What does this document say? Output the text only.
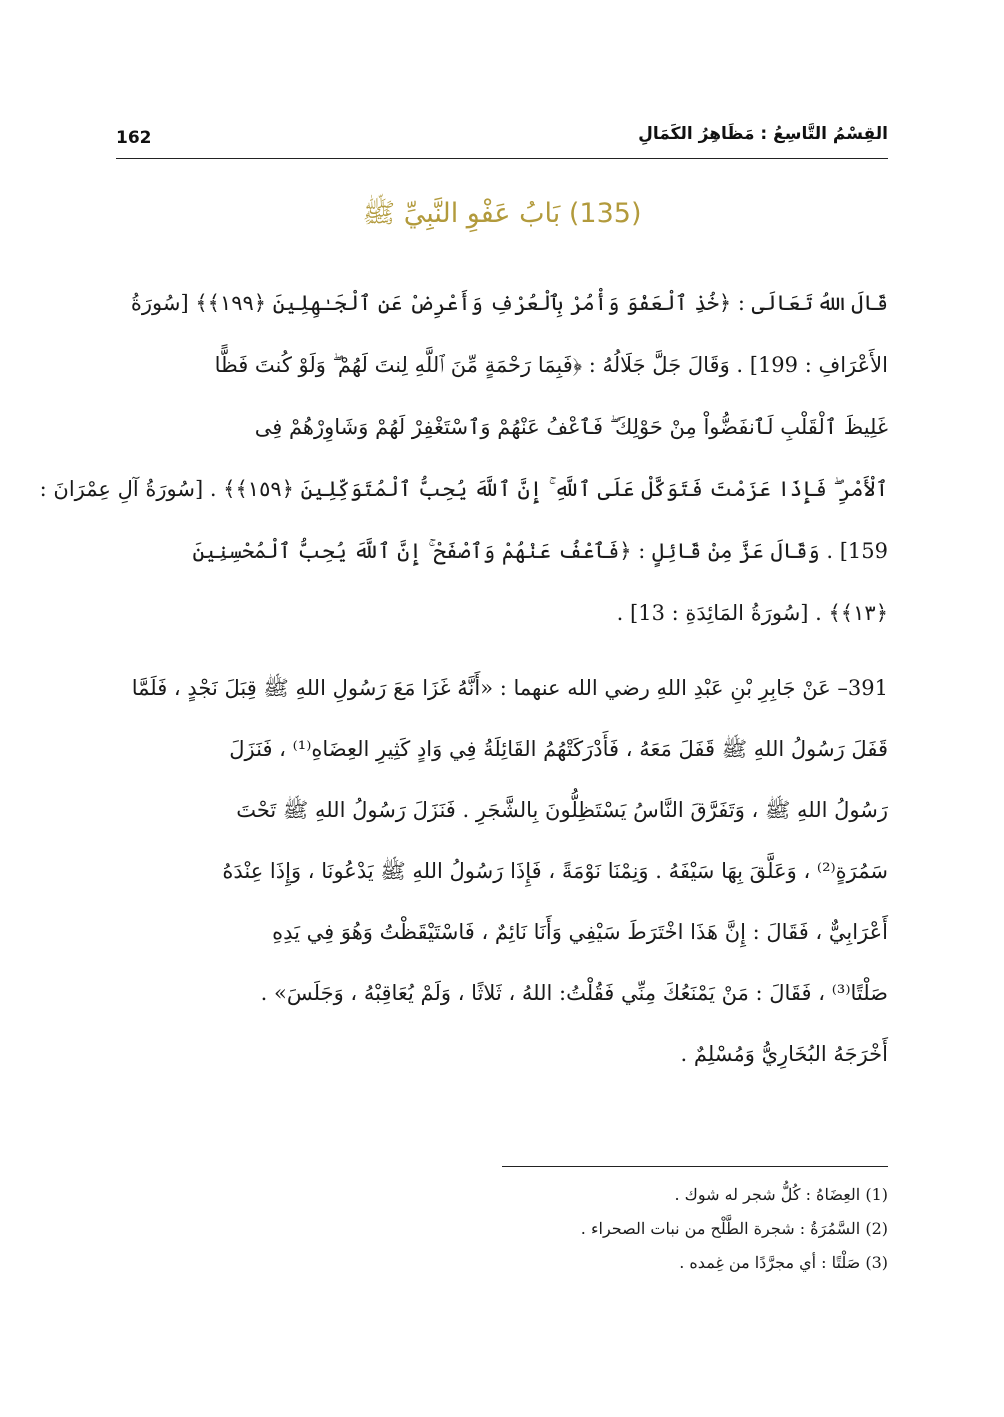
162	القِسْمُ التَّاسِعُ : مَظَاهِرُ الكَمَالِ
(135) بَابُ عَفْوِ النَّبِيِّ ﷺ
قَالَ اللهُ تَعَالَى : ﴿خُذِ ٱلْعَفْوَ وَأْمُرْ بِٱلْعُرْفِ وَأَعْرِضْ عَنِ ٱلْجَـٰهِلِينَ ﴿١٩٩﴾﴾ [سُورَةُ
الأَعْرَافِ : 199] . وَقَالَ جَلَّ جَلَالُهُ : ﴿فَبِمَا رَحْمَةٍ مِّنَ ٱللَّهِ لِنتَ لَهُمْ ۖ وَلَوْ كُنتَ فَظًّا
غَلِيظَ ٱلْقَلْبِ لَٱنفَضُّواْ مِنْ حَوْلِكَ ۖ فَٱعْفُ عَنْهُمْ وَٱسْتَغْفِرْ لَهُمْ وَشَاوِرْهُمْ فِى
ٱلْأَمْرِ ۖ فَإِذَا عَزَمْتَ فَتَوَكَّلْ عَلَى ٱللَّهِ ۚ إِنَّ ٱللَّهَ يُحِبُّ ٱلْمُتَوَكِّلِينَ ﴿١٥٩﴾﴾ . [سُورَةُ آلِ عِمْرَانَ :
159] . وَقَالَ عَزَّ مِنْ قَائِلٍ : ﴿فَٱعْفُ عَنْهُمْ وَٱصْفَحْ ۚ إِنَّ ٱللَّهَ يُحِبُّ ٱلْمُحْسِنِينَ
﴿١٣﴾﴾ . [سُورَةُ المَائِدَةِ : 13] .
391– عَنْ جَابِرِ بْنِ عَبْدِ اللهِ رضي الله عنهما : «أَنَّهُ غَزَا مَعَ رَسُولِ اللهِ ﷺ قِبَلَ نَجْدٍ ، فَلَمَّا
قَفَلَ رَسُولُ اللهِ ﷺ قَفَلَ مَعَهُ ، فَأَدْرَكَتْهُمُ القَائِلَةُ فِي وَادٍ كَثِيرِ العِضَاهِ⁽¹⁾ ، فَنَزَلَ
رَسُولُ اللهِ ﷺ ، وَتَفَرَّقَ النَّاسُ يَسْتَظِلُّونَ بِالشَّجَرِ . فَنَزَلَ رَسُولُ اللهِ ﷺ تَحْتَ
سَمُرَةٍ⁽²⁾ ، وَعَلَّقَ بِهَا سَيْفَهُ . وَنِمْنَا نَوْمَةً ، فَإِذَا رَسُولُ اللهِ ﷺ يَدْعُونَا ، وَإِذَا عِنْدَهُ
أَعْرَابِيٌّ ، فَقَالَ : إِنَّ هَذَا اخْتَرَطَ سَيْفِي وَأَنَا نَائِمٌ ، فَاسْتَيْقَظْتُ وَهُوَ فِي يَدِهِ
صَلْتًا⁽³⁾ ، فَقَالَ : مَنْ يَمْنَعُكَ مِنِّي فَقُلْتُ: اللهُ ، ثَلاثًا ، وَلَمْ يُعَاقِبْهُ ، وَجَلَسَ» .
أَخْرَجَهُ البُخَارِيُّ وَمُسْلِمٌ .
(1) العِضَاهُ : كُلُّ شجر له شوك .
(2) السَّمُرَةُ : شجرة الطَّلْح من نبات الصحراء .
(3) صَلْتًا : أي مجرَّدًا من غِمده .
